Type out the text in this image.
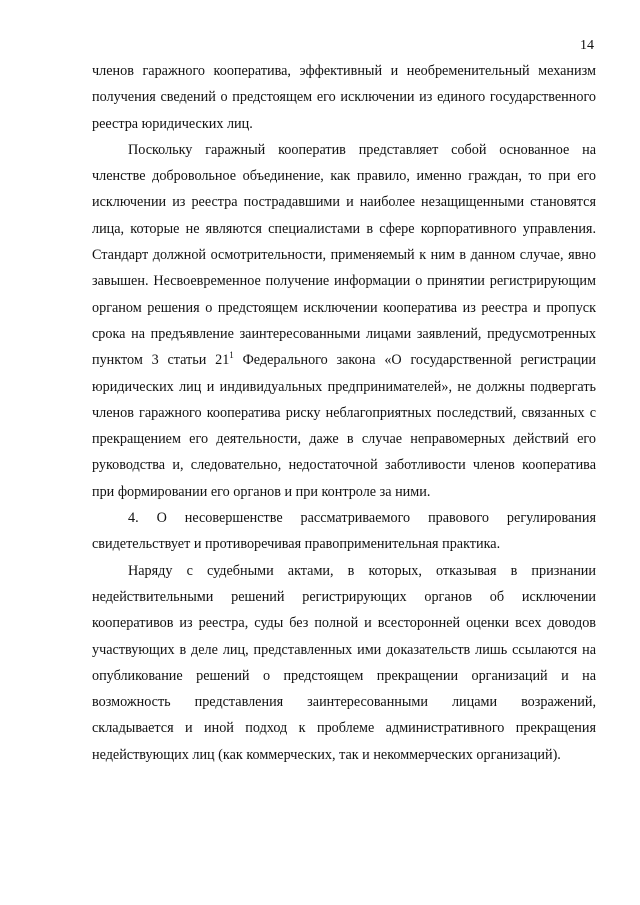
14

членов гаражного кооператива, эффективный и необременительный механизм получения сведений о предстоящем его исключении из единого государственного реестра юридических лиц.

Поскольку гаражный кооператив представляет собой основанное на членстве добровольное объединение, как правило, именно граждан, то при его исключении из реестра пострадавшими и наиболее незащищенными становятся лица, которые не являются специалистами в сфере корпоративного управления. Стандарт должной осмотрительности, применяемый к ним в данном случае, явно завышен. Несвоевременное получение информации о принятии регистрирующим органом решения о предстоящем исключении кооператива из реестра и пропуск срока на предъявление заинтересованными лицами заявлений, предусмотренных пунктом 3 статьи $21^1$ Федерального закона «О государственной регистрации юридических лиц и индивидуальных предпринимателей», не должны подвергать членов гаражного кооператива риску неблагоприятных последствий, связанных с прекращением его деятельности, даже в случае неправомерных действий его руководства и, следовательно, недостаточной заботливости членов кооператива при формировании его органов и при контроле за ними.

4. О несовершенстве рассматриваемого правового регулирования свидетельствует и противоречивая правоприменительная практика.

Наряду с судебными актами, в которых, отказывая в признании недействительными решений регистрирующих органов об исключении кооперативов из реестра, суды без полной и всесторонней оценки всех доводов участвующих в деле лиц, представленных ими доказательств лишь ссылаются на опубликование решений о предстоящем прекращении организаций и на возможность представления заинтересованными лицами возражений, складывается и иной подход к проблеме административного прекращения недействующих лиц (как коммерческих, так и некоммерческих организаций).
